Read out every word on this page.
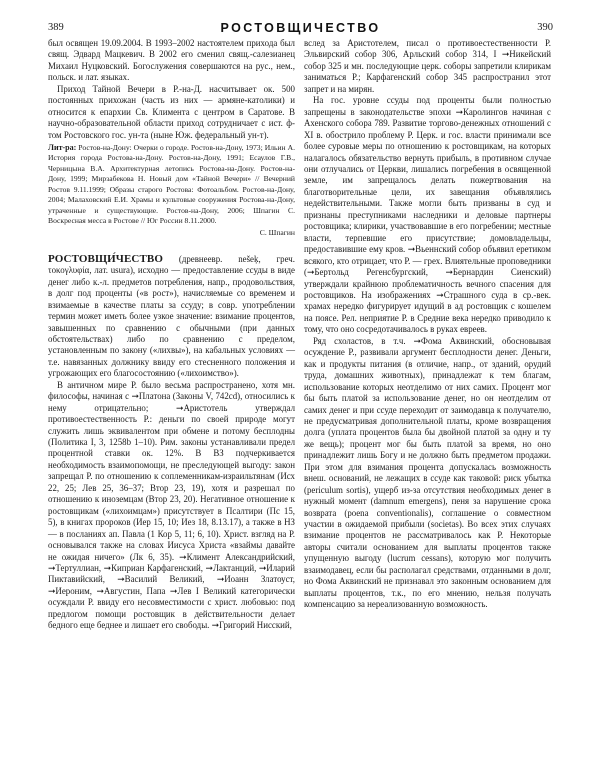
389	РОСТОВЩИЧЕСТВО	390

был освящен 19.09.2004. В 1993–2002 настоятелем прихода был свящ. Эдвард Мацкевич. В 2002 его сменил свящ.-салезианец Михаил Нуцковский. Богослужения совершаются на рус., нем., польск. и лат. языках.

Приход Тайной Вечери в Р.-на-Д. насчитывает ок. 500 постоянных прихожан (часть из них — армяне-католики) и относится к епархии Св. Климента с центром в Саратове. В научно-образовательной области приход сотрудничает с ист. ф-том Ростовского гос. ун-та (ныне Юж. федеральный ун-т).

Лит-ра: Ростов-на-Дону: Очерки о городе. Ростов-на-Дону, 1973; Ильин А. История города Ростова-на-Дону. Ростов-на-Дону, 1991; Есаулов Г.В., Черницына В.А. Архитектурная летопись Ростова-на-Дону. Ростов-на-Дону, 1999; Мирзабекова Н. Новый дом «Тайной Вечери» // Вечерний Ростов 9.11.1999; Образы старого Ростова: Фотоальбом. Ростов-на-Дону, 2004; Малаховский Е.И. Храмы и культовые сооружения Ростова-на-Дону, утраченные и существующие. Ростов-на-Дону, 2006; Шпагин С. Воскресная месса в Ростове // Юг России 8.11.2000.
С. Шпагин

РОСТОВЩИ́ЧЕСТВО (древнеевр. nešeķ, греч. τοκογλυφία, лат. usura), исходно — предоставление ссуды в виде денег либо к.-л. предметов потребления, напр., продовольствия, в долг под проценты («в рост»), начисляемые со временем и взимаемые в качестве платы за ссуду; в совр. употреблении термин может иметь более узкое значение: взимание процентов, завышенных по сравнению с обычными (при данных обстоятельствах) либо по сравнению с пределом, установленным по закону («лихвы»), на кабальных условиях — т.е. навязанных должнику ввиду его стесненного положения и угрожающих его благосостоянию («лихоимство»).

В античном мире Р. было весьма распространено, хотя мн. философы, начиная с ➞Платона (Законы V, 742cd), относились к нему отрицательно; ➞Аристотель утверждал противоестественность Р.: деньги по своей природе могут служить лишь эквивалентом при обмене и потому бесплодны (Политика I, 3, 1258b 1–10). Рим. законы устанавливали предел процентной ставки ок. 12%. В ВЗ подчеркивается необходимость взаимопомощи, не преследующей выгоду: закон запрещал Р. по отношению к соплеменникам-израильтянам (Исх 22, 25; Лев 25, 36–37; Втор 23, 19), хотя и разрешал по отношению к иноземцам (Втор 23, 20). Негативное отношение к ростовщикам («лихоимцам») присутствует в Псалтири (Пс 15, 5), в книгах пророков (Иер 15, 10; Иез 18, 8.13.17), а также в НЗ — в посланиях ап. Павла (1 Кор 5, 11; 6, 10). Христ. взгляд на Р. основывался также на словах Иисуса Христа «взаймы давайте не ожидая ничего» (Лк 6, 35). ➞Климент Александрийский, ➞Тертуллиан, ➞Киприан Карфагенский, ➞Лактанций, ➞Иларий Пиктавийский, ➞Василий Великий, ➞Иоанн Златоуст, ➞Иероним, ➞Августин, Папа ➞Лев I Великий категорически осуждали Р. ввиду его несовместимости с христ. любовью: под предлогом помощи ростовщик в действительности делает бедного еще беднее и лишает его свободы. ➞Григорий Нисский,

вслед за Аристотелем, писал о противоестественности Р. Эльвирский собор 306, Арльский собор 314, I ➞Никейский собор 325 и мн. последующие церк. соборы запретили клирикам заниматься Р.; Карфагенский собор 345 распространил этот запрет и на мирян.

На гос. уровне ссуды под проценты были полностью запрещены в законодательстве эпохи ➞Каролингов начиная с Ахенского собора 789. Развитие торгово-денежных отношений с XI в. обострило проблему Р. Церк. и гос. власти принимали все более суровые меры по отношению к ростовщикам, на которых налагалось обязательство вернуть прибыль, в противном случае они отлучались от Церкви, лишались погребения в освященной земле, им запрещалось делать пожертвования на благотворительные цели, их завещания объявлялись недействительными. Также могли быть призваны в суд и признаны преступниками наследники и деловые партнеры ростовщика; клирики, участвовавшие в его погребении; местные власти, терпевшие его присутствие; домовладельцы, предоставившие ему кров. ➞Вьеннский собор объявил еретиком всякого, кто отрицает, что Р. — грех. Влиятельные проповедники (➞Бертольд Регенсбургский, ➞Бернардин Сиенский) утверждали крайнюю проблематичность вечного спасения для ростовщиков. На изображениях ➞Страшного суда в ср.-век. храмах нередко фигурирует идущий в ад ростовщик с кошелем на поясе. Рел. неприятие Р. в Средние века нередко приводило к тому, что оно сосредотачивалось в руках евреев.

Ряд схоластов, в т.ч. ➞Фома Аквинский, обосновывая осуждение Р., развивали аргумент бесплодности денег. Деньги, как и продукты питания (в отличие, напр., от зданий, орудий труда, домашних животных), принадлежат к тем благам, использование которых неотделимо от них самих. Процент мог бы быть платой за использование денег, но он неотделим от самих денег и при ссуде переходит от заимодавца к получателю, не предусматривая дополнительной платы, кроме возвращения долга (уплата процентов была бы двойной платой за одну и ту же вещь); процент мог бы быть платой за время, но оно принадлежит лишь Богу и не должно быть предметом продажи. При этом для взимания процента допускалась возможность внеш. оснований, не лежащих в ссуде как таковой: риск убытка (periculum sortis), ущерб из-за отсутствия необходимых денег в нужный момент (damnum emergens), пеня за нарушение срока возврата (poena conventionalis), соглашение о совместном участии в ожидаемой прибыли (societas). Во всех этих случаях взимание процентов не рассматривалось как Р. Некоторые авторы считали основанием для выплаты процентов также упущенную выгоду (lucrum cessans), которую мог получить взаимодавец, если бы располагал средствами, отданными в долг, но Фома Аквинский не признавал это законным основанием для выплаты процентов, т.к., по его мнению, нельзя получать компенсацию за нереализованную возможность.
